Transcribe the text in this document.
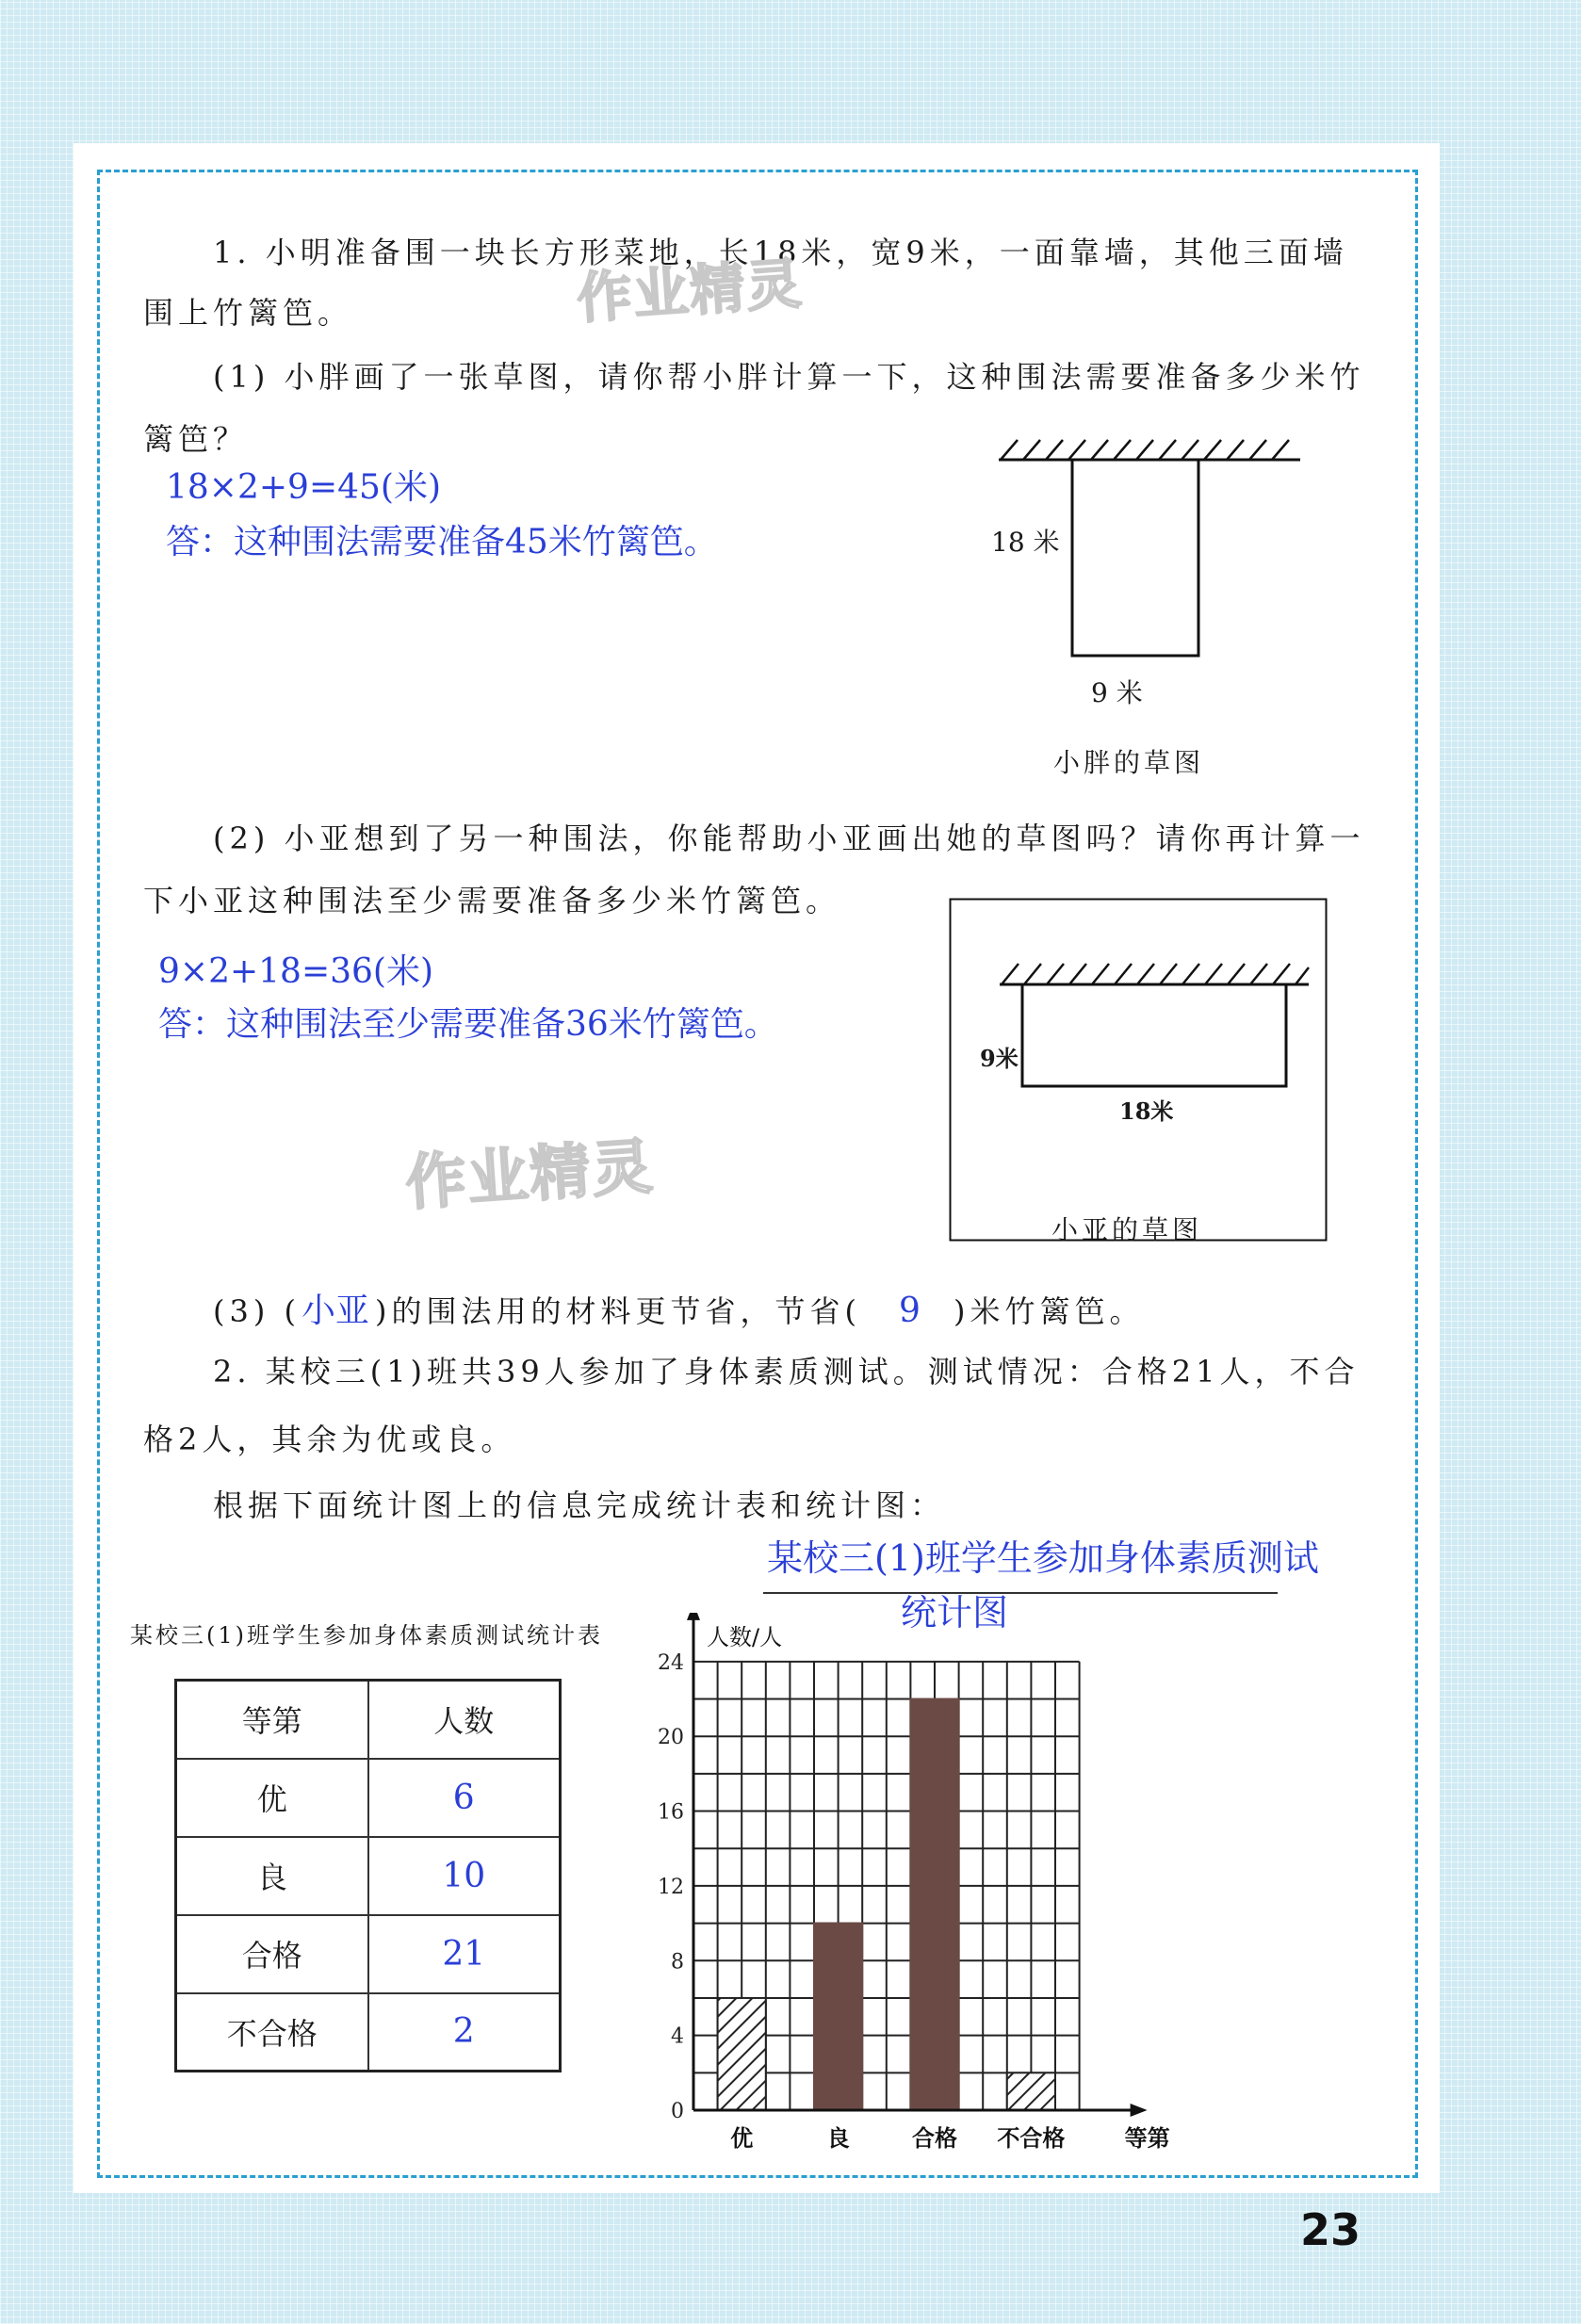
1. 小明准备围一块长方形菜地，长18米，宽9米，一面靠墙，其他三面墙
围上竹篱笆。	作业精灵
(1) 小胖画了一张草图，请你帮小胖计算一下，这种围法需要准备多少米竹
篱笆？
18×2+9=45(米)
答：这种围法需要准备45米竹篱笆。	18 米
9 米
小胖的草图
(2) 小亚想到了另一种围法，你能帮助小亚画出她的草图吗？请你再计算一
下小亚这种围法至少需要准备多少米竹篱笆。
9×2+18=36(米)
答：这种围法至少需要准备36米竹篱笆。
作业精灵
9米
18米
小亚的草图
(3) ( 小亚 )的围法用的材料更节省，节省( 9 )米竹篱笆。
2. 某校三(1)班共39人参加了身体素质测试。测试情况：合格21人，不合
格2人，其余为优或良。
根据下面统计图上的信息完成统计表和统计图：
某校三(1)班学生参加身体素质测试
统计图
某校三(1)班学生参加身体素质测试统计表
等第	人数
优	6
良	10
合格	21
不合格	2
优	良	合格 不合格
0
4
8
12
16
20
24
人数/人
等第
23
